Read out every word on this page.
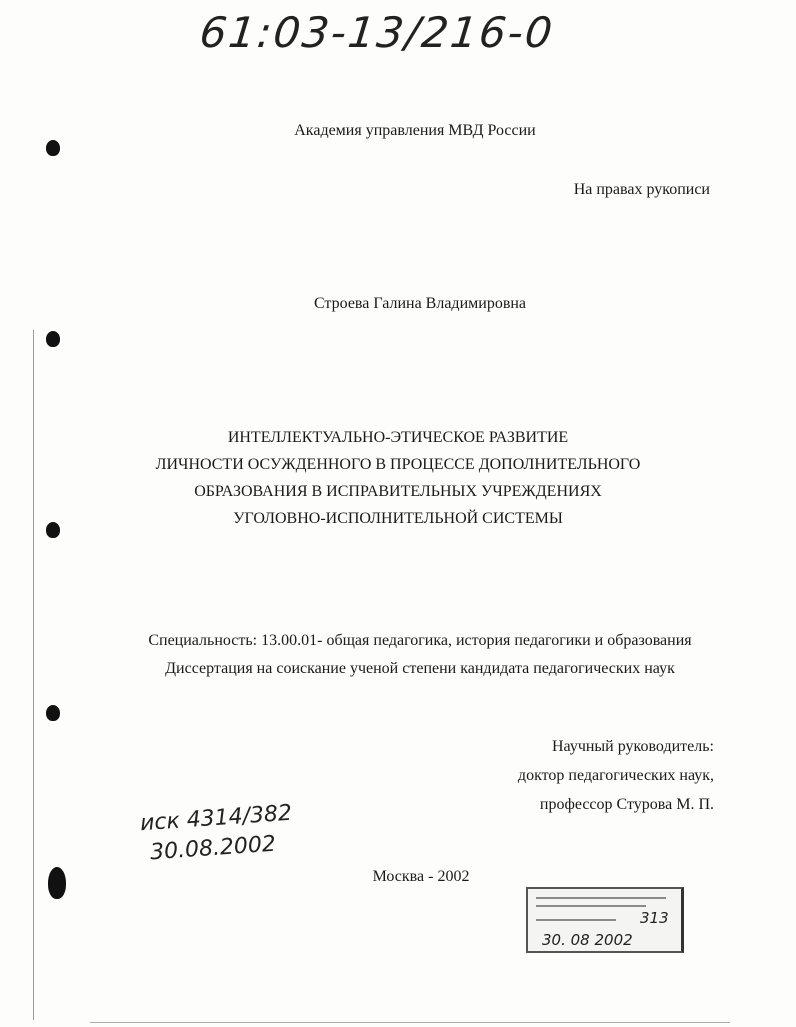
61:03-13/216-0
Академия управления МВД России
На правах рукописи
Строева Галина Владимировна
ИНТЕЛЛЕКТУАЛЬНО-ЭТИЧЕСКОЕ РАЗВИТИЕ
ЛИЧНОСТИ ОСУЖДЕННОГО В ПРОЦЕССЕ ДОПОЛНИТЕЛЬНОГО
ОБРАЗОВАНИЯ В ИСПРАВИТЕЛЬНЫХ УЧРЕЖДЕНИЯХ
УГОЛОВНО-ИСПОЛНИТЕЛЬНОЙ СИСТЕМЫ
Специальность: 13.00.01- общая педагогика, история педагогики и образования
Диссертация на соискание ученой степени кандидата педагогических наук
Научный руководитель:
доктор педагогических наук,
профессор Стурова М. П.
иск 4314/382
30.08.2002
Москва - 2002
313
30. 08 2002
